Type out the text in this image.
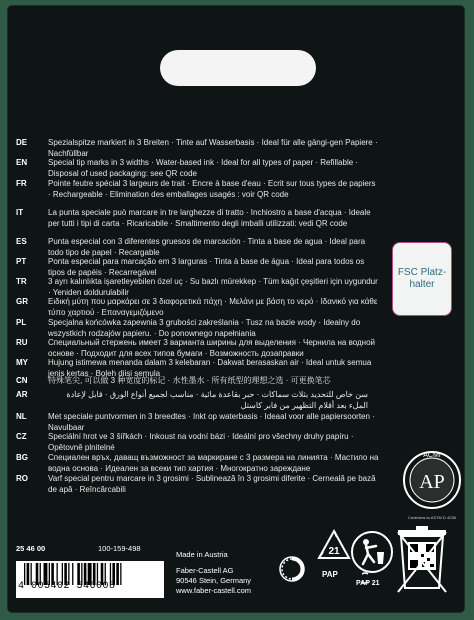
DE	Spezialspitze markiert in 3 Breiten · Tinte auf Wasserbasis · Ideal für alle gängi-gen Papiere · Nachfüllbar
EN	Special tip marks in 3 widths · Water-based ink · Ideal for all types of paper · Refillable · Disposal of used packaging: see QR code
FR	Pointe feutre spécial 3 largeurs de trait · Encre à base d'eau · Ecrit sur tous types de papiers · Rechargeable · Elimination des emballages usagés : voir QR code
IT	La punta speciale può marcare in tre larghezze di tratto · Inchiostro a base d'acqua · Ideale per tutti i tipi di carta · Ricaricabile · Smaltimento degli imballi utilizzati: vedi QR code
ES	Punta especial con 3 diferentes gruesos de marcación · Tinta a base de agua · Ideal para todo tipo de papel · Recargable
PT	Ponta especial para marcação em 3 larguras · Tinta à base de água · Ideal para todos os tipos de papéis · Recarregável
TR	3 ayrı kalınlıkta işaretleyebilen özel uç · Su bazlı mürekkep · Tüm kağıt çeşitleri için uygundur · Yeniden doldurulabilir
GR	Ειδική μύτη που μαρκάρει σε 3 διαφορετικά πάχη · Μελάνι με βάση το νερό · Ιδανικό για κάθε τύπο χαρτιού · Επαναγεμιζόμενο
PL	Specjalna końcówka zapewnia 3 grubości zakreślania · Tusz na bazie wody · Idealny do wszystkich rodzajów papieru. · Do ponownego napełniania
RU	Специальный стержень имеет 3 варианта ширины для выделения · Чернила на водной основе · Подходит для всех типов бумаги · Возможность дозаправки
MY	Hujung istimewa menanda dalam 3 kelebaran · Dakwat berasaskan air · Ideal untuk semua jenis kertas · Boleh diisi semula
CN	特殊笔尖, 可以做 3 种宽度的标记 · 水性墨水 · 所有纸型的理想之选 · 可更换笔芯
AR	سن خاص للتحديد بثلاث سماكات · حبر بقاعدة مائية · مناسب لجميع أنواع الورق · قابل لإعادة الملء بعد أقلام التظهير من فابر كاستل
NL	Met speciale puntvormen in 3 breedtes · Inkt op waterbasis · Ideaal voor alle papiersoorten · Navulbaar
CZ	Speciální hrot ve 3 šířkách · Inkoust na vodní bázi · Ideální pro všechny druhy papíru · Opětovně plnitelné
BG	Специален връх, даващ възможност за маркиране с 3 размера на линията · Мастило на водна основа · Идеален за всеки тип хартия · Многократно зареждане
RO	Varf special pentru marcare in 3 grosimi · Sublinează în 3 grosimi diferite · Cerneală pe bază de apă · Reîncărcabili
FSC Platz-halter
ACMI
AP
Conforms to ASTM D 4236
25 46 00	100-159-498
Made in Austria
4 005402 546008
Faber-Castell AG
90546 Stein, Germany
www.faber-castell.com
21
PAP
PAP 21
